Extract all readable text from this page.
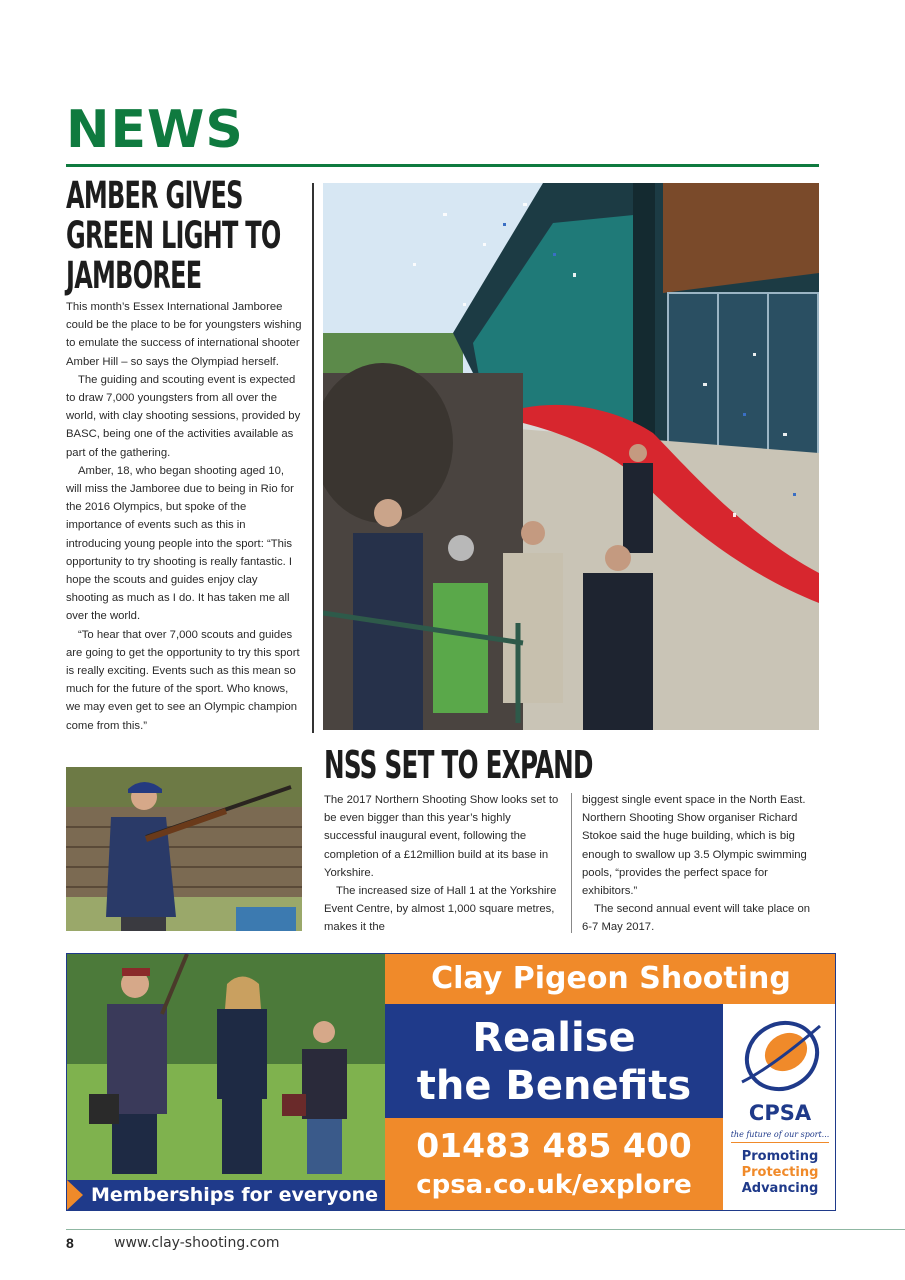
NEWS
AMBER GIVES
GREEN LIGHT TO
JAMBOREE

This month’s Essex International Jamboree could be the place to be for youngsters wishing to emulate the success of international shooter Amber Hill – so says the Olympiad herself.

The guiding and scouting event is expected to draw 7,000 youngsters from all over the world, with clay shooting sessions, provided by BASC, being one of the activities available as part of the gathering.

Amber, 18, who began shooting aged 10, will miss the Jamboree due to being in Rio for the 2016 Olympics, but spoke of the importance of events such as this in introducing young people into the sport: “This opportunity to try shooting is really fantastic. I hope the scouts and guides enjoy clay shooting as much as I do. It has taken me all over the world.

“To hear that over 7,000 scouts and guides are going to get the opportunity to try this sport is really exciting. Events such as this mean so much for the future of the sport. Who knows, we may even get to see an Olympic champion come from this.”

NSS SET TO EXPAND

The 2017 Northern Shooting Show looks set to be even bigger than this year’s highly successful inaugural event, following the completion of a £12million build at its base in Yorkshire.

The increased size of Hall 1 at the Yorkshire Event Centre, by almost 1,000 square metres, makes it the

biggest single event space in the North East. Northern Shooting Show organiser Richard Stokoe said the huge building, which is big enough to swallow up 3.5 Olympic swimming pools, “provides the perfect space for exhibitors.”

The second annual event will take place on 6-7 May 2017.

Memberships for everyone
Clay Pigeon Shooting
Realise
the Benefits
01483 485 400
cpsa.co.uk/explore
CPSA
the future of our sport...
Promoting
Protecting
Advancing
8	www.clay-shooting.com
